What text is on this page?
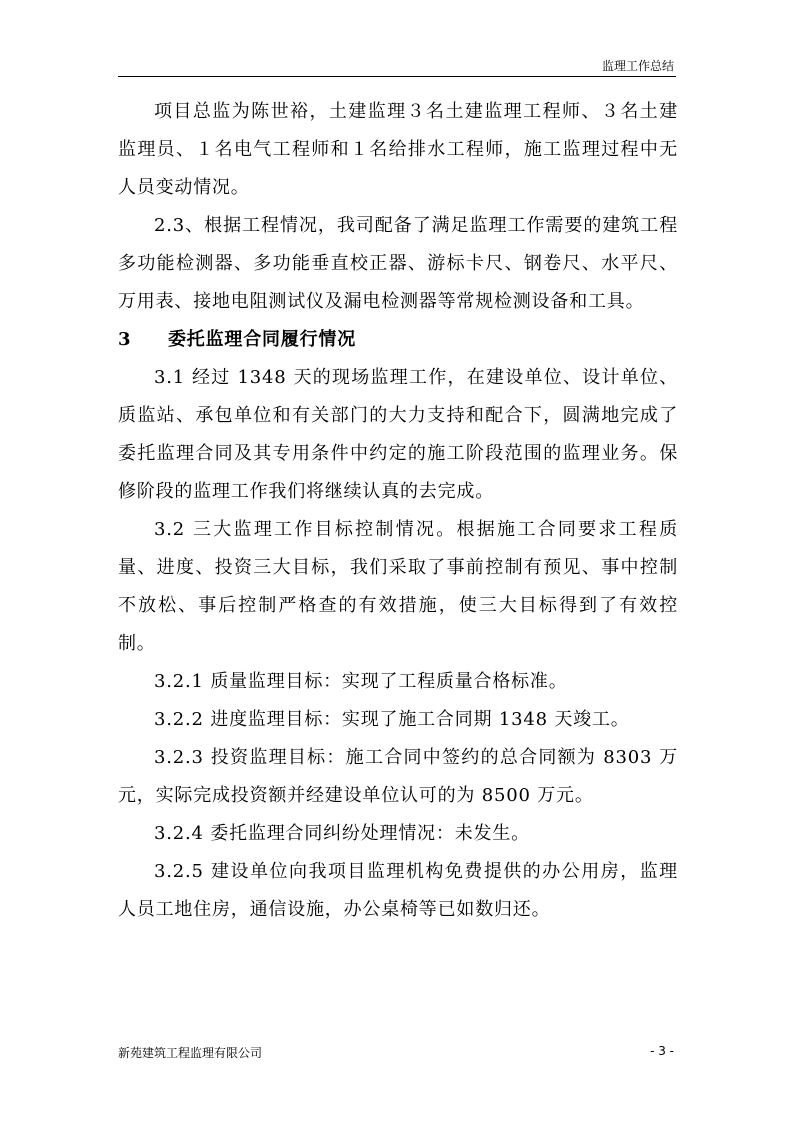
监理工作总结

项目总监为陈世裕，土建监理３名土建监理工程师、３名土建监理员、１名电气工程师和１名给排水工程师，施工监理过程中无人员变动情况。

2.3、根据工程情况，我司配备了满足监理工作需要的建筑工程多功能检测器、多功能垂直校正器、游标卡尺、钢卷尺、水平尺、万用表、接地电阻测试仪及漏电检测器等常规检测设备和工具。

3 委托监理合同履行情况

3.1 经过 1348 天的现场监理工作，在建设单位、设计单位、质监站、承包单位和有关部门的大力支持和配合下，圆满地完成了委托监理合同及其专用条件中约定的施工阶段范围的监理业务。保修阶段的监理工作我们将继续认真的去完成。

3.2 三大监理工作目标控制情况。根据施工合同要求工程质量、进度、投资三大目标，我们采取了事前控制有预见、事中控制不放松、事后控制严格查的有效措施，使三大目标得到了有效控制。

3.2.1 质量监理目标：实现了工程质量合格标准。

3.2.2 进度监理目标：实现了施工合同期 1348 天竣工。

3.2.3 投资监理目标：施工合同中签约的总合同额为 8303 万元，实际完成投资额并经建设单位认可的为 8500 万元。

3.2.4 委托监理合同纠纷处理情况：未发生。

3.2.5 建设单位向我项目监理机构免费提供的办公用房，监理人员工地住房，通信设施，办公桌椅等已如数归还。

新苑建筑工程监理有限公司	- 3 -
